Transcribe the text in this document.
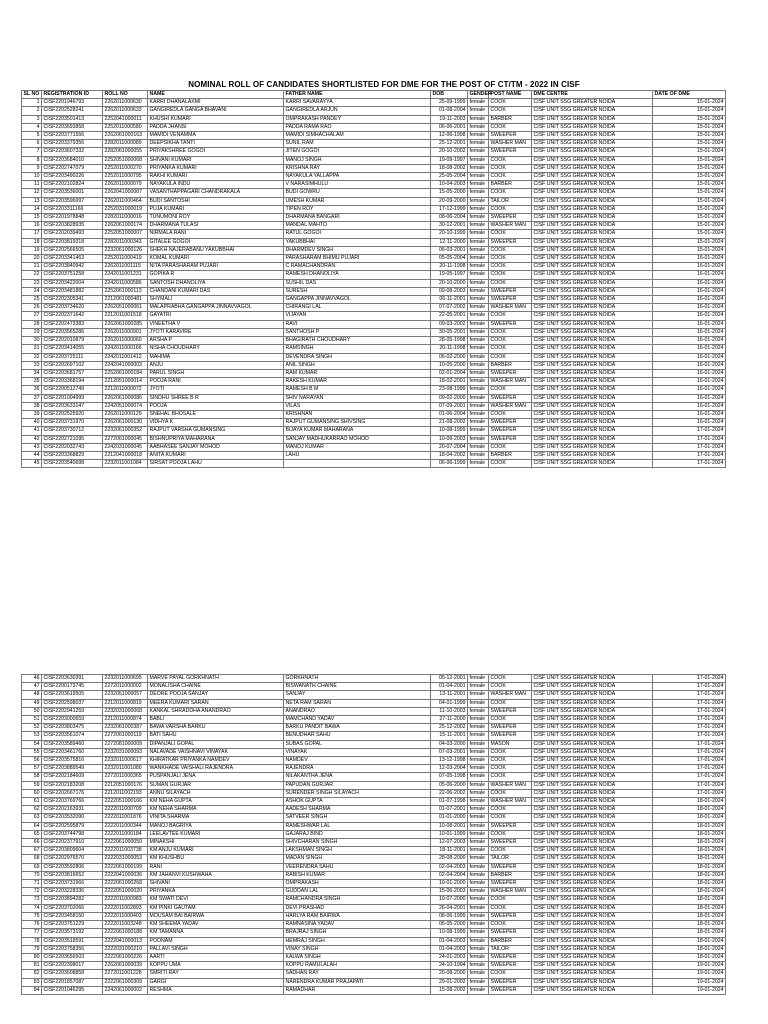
NOMINAL ROLL OF CANDIDATES SHORTLISTED FOR DME FOR THE POST OF CT/TM - 2022 IN CISF
SL NO	REGISTRATION ID	ROLL NO	NAME	FATHER NAME	DOB	GENDER	POST NAME	DME CENTRE	DATE OF DME
1	CISF2201946793	2262011000630	KARRI DHANALAXMI	KARRI SAVARAYYA	25-09-1999	female	COOK	CISF UNIT SSG GREATER NOIDA	15-01-2024
2	CISF2202528241	2262011000633	GANGIREDLA GANGA BHAVANI	GANGIREDLA ARJUN	01-08-2004	female	COOK	CISF UNIT SSG GREATER NOIDA	15-01-2024
3	CISF2203501413	2252041000011	KHUSHI KUMARI	OMPRAKASH PANDEY	19-11-2003	female	BARBER	CISF UNIT SSG GREATER NOIDA	15-01-2024
4	CISF2203693858	2252011000580	PADDA JHANSI	PADDA RAMA RAO	06-06-2001	female	COOK	CISF UNIT SSG GREATER NOIDA	15-01-2024
5	CISF2203771556	2262061000163	MAMIDI VENAMMA	MAMIDI SIMHACHALAM	12-06-1998	female	SWEEPER	CISF UNIT SSG GREATER NOIDA	15-01-2024
6	CISF2203379356	2282011000089	DEEPSIKHA TANTI	SUNIL RAM	25-12-2001	female	WASHER MAN	CISF UNIT SSG GREATER NOIDA	15-01-2024
7	CISF2203607332	2282061000055	PRIYAKSHREE GOGOI	JITEN GOGOI	20-10-2002	female	SWEEPER	CISF UNIT SSG GREATER NOIDA	15-01-2024
8	CISF2203684010	2252051000068	SHIVANI KUMARI	MANOJ SINGH	19-09-1997	female	COOK	CISF UNIT SSG GREATER NOIDA	15-01-2024
9	CISF2202747079	2252011000270	PRIYANKA KUMARI	KRISHNA RAY	18-08-2002	female	COOK	CISF UNIT SSG GREATER NOIDA	15-01-2024
10	CISF2203490226	2252011000795	RAKHI KUMARI	NAYAKULA YALLAPPA	25-05-2004	female	COOK	CISF UNIT SSG GREATER NOIDA	15-01-2024
11	CISF2202102824	2262011000079	NAYAKULA INDU	V NARASIMHULU	10-04-2003	female	BARBER	CISF UNIT SSG GREATER NOIDA	15-01-2024
12	CISF2203536001	2262041000007	VASANTHAPPAGARI CHANDRAKALA	BUDI GOWRU	15-05-2000	female	COOK	CISF UNIT SSG GREATER NOIDA	15-01-2024
13	CISF2203596997	2262011000464	BUDI SANTOSHI	UMESH KUMAR	20-09-2000	female	TAILOR	CISF UNIT SSG GREATER NOIDA	15-01-2024
14	CISF2203311166	2252031000019	PUJA KUMARI	TIPEN ROY	17-12-1999	female	COOK	CISF UNIT SSG GREATER NOIDA	15-01-2024
15	CISF2201978848	2282011000016	TUNUMONI ROY	DHARMANA BANGARI	08-06-2004	female	SWEEPER	CISF UNIT SSG GREATER NOIDA	15-01-2024
16	CISF2203828935	2262061000174	DHARMANA TULASI	MANDAL MAHTO	30-12-2001	female	WASHER MAN	CISF UNIT SSG GREATER NOIDA	15-01-2024
17	CISF2202039493	2252051000007	NIRMALA RANI	RATUL GOGOI	20-10-1999	female	COOK	CISF UNIT SSG GREATER NOIDA	15-01-2024
18	CISF2203819318	2282011000343	GITALEE GOGOI	YAKUBBHAI	12-11-2000	female	SWEEPER	CISF UNIT SSG GREATER NOIDA	15-01-2024
19	CISF2202566505	2232061000126	SHEKH NAJERABANU YAKUBBHAI	DHARMDEV SINGH	06-03-2001	female	COOK	CISF UNIT SSG GREATER NOIDA	15-01-2024
20	CISF2203341463	2252011000419	KOMAL KUMARI	PARASHARAM BHIMU PUJARI	05-05-2004	female	COOK	CISF UNIT SSG GREATER NOIDA	16-01-2024
21	CISF2203840942	2262011001115	NITA PARASHARAM PUJARI	C RAMACHANDRAN	20-11-1998	female	COOK	CISF UNIT SSG GREATER NOIDA	16-01-2024
22	CISF2203751258	2242011001231	GOPIKA R	RAMESH DHANOLIYA	19-05-1997	female	COOK	CISF UNIT SSG GREATER NOIDA	16-01-2024
23	CISF2203422004	2242011000586	SANTOSH DHANOLIYA	SUSHIL DAS	20-10-2000	female	COOK	CISF UNIT SSG GREATER NOIDA	16-01-2024
24	CISF2203481882	2252061000113	CHANDANI KUMARI DAS	SURESH	09-08-2003	female	SWEEPER	CISF UNIT SSG GREATER NOIDA	16-01-2024
25	CISF2202305341	2212061000481	SHYMALI	GANGAPPA JINNAVVAGOL	06-11-2001	female	SWEEPER	CISF UNIT SSG GREATER NOIDA	16-01-2024
26	CISF2203734620	2262051000061	MALAPRABHA GANGAPPA JINNAVVAGOL	CHIRANGI LAL	07-07-2002	female	WASHER MAN	CISF UNIT SSG GREATER NOIDA	16-01-2024
27	CISF2202371642	2212011001518	GAYATRI	VIJAYAN	22-05-2001	female	COOK	CISF UNIT SSG GREATER NOIDA	16-01-2024
28	CISF2202473383	2262061000285	VINEETHA V	RAVI	09-03-2002	female	SWEEPER	CISF UNIT SSG GREATER NOIDA	16-01-2024
29	CISF2203565286	2262011000901	JYOTI KARAVIRE	SANTHOSH P	30-05-2001	female	COOK	CISF UNIT SSG GREATER NOIDA	16-01-2024
30	CISF2202010879	2262011000060	ARSHA P	BHAGIRATH CHOUDHARY	28-05-1998	female	COOK	CISF UNIT SSG GREATER NOIDA	16-01-2024
31	CISF2203414055	2242011000166	NISHA CHOUDHARY	RAMSINGH	20-11-1998	female	COOK	CISF UNIT SSG GREATER NOIDA	16-01-2024
32	CISF2203725111	2242011001412	MAHIMA	DEVENDRA SINGH	06-02-2000	female	COOK	CISF UNIT SSG GREATER NOIDA	16-01-2024
33	CISF2202697102	2242041000003	ANJU	ANIL SINGH	10-05-2000	female	BARBER	CISF UNIT SSG GREATER NOIDA	16-01-2024
34	CISF2203681757	2252061000184	PARUL SINGH	RAM KUMAR	02-01-2004	female	SWEEPER	CISF UNIT SSG GREATER NOIDA	16-01-2024
35	CISF2203368194	2212051000014	POOJA RANI	RAKESH KUMAR	18-02-2001	female	WASHER MAN	CISF UNIT SSG GREATER NOIDA	16-01-2024
36	CISF2200512749	2212011000072	JYOTI	RAMESH B M	23-08-1999	female	COOK	CISF UNIT SSG GREATER NOIDA	16-01-2024
37	CISF2201004999	2262061000086	SINDHU SHREE B R	SHIV NARAYAN	09-02-2000	female	SWEEPER	CISF UNIT SSG GREATER NOIDA	16-01-2024
38	CISF2203633147	2242051000074	POOJA	VILAS	07-09-2001	female	WASHER MAN	CISF UNIT SSG GREATER NOIDA	16-01-2024
39	CISF2202525920	2262011000129	SNEHAL BHOSALE	KRISHNAN	01-06-2004	female	COOK	CISF UNIT SSG GREATER NOIDA	16-01-2024
40	CISF2203731970	2262061000130	VIDHYA K	RAJPUT GUMANSING SHIVSING	21-08-2002	female	SWEEPER	CISF UNIT SSG GREATER NOIDA	16-01-2024
41	CISF2203730712	2232061000352	RAJPUT VARSHA GUMANSING	BIJAYA KUMAR MAHARANA	10-08-1999	female	SWEEPER	CISF UNIT SSG GREATER NOIDA	17-01-2024
42	CISF2202721095	2272061000045	BISHNUPRIYA MAHARANA	SANJAY MADHUKARRAO MOHOD	10-09-2003	female	SWEEPER	CISF UNIT SSG GREATER NOIDA	17-01-2024
43	CISF2202032743	2242031000045	AABHASEE SANJAY MOHOD	MANOJ KUMAR	20-07-2004	female	COOK	CISF UNIT SSG GREATER NOIDA	17-01-2024
44	CISF2203368829	2212041000018	ANITA KUMARI	LAHU	18-04-2002	female	BARBER	CISF UNIT SSG GREATER NOIDA	17-01-2024
45	CISF2203540698	2232011001084	SIRSAT POOJA LAHU		06-06-1999	female	COOK	CISF UNIT SSG GREATER NOIDA	17-01-2024
46	CISF2203630391	2232011000695	MARVE PAYAL GORKHNATH	GORKHNATH	05-12-2001	female	COOK	CISF UNIT SSG GREATER NOIDA	17-01-2024
47	CISF2200173745	2272011000002	MONALISHA CHAINE	BISWANATH CHAINE	01-04-2001	female	COOK	CISF UNIT SSG GREATER NOIDA	17-01-2024
48	CISF2203619505	2232051000057	DEORE POOJA SANJAY	SANJAY	13-11-2001	female	WASHER MAN	CISF UNIT SSG GREATER NOIDA	17-01-2024
49	CISF2202598037	2212011000819	MEERA KUMARI SARAN	NETA RAM SARAN	04-01-1999	female	COOK	CISF UNIT SSG GREATER NOIDA	17-01-2024
50	CISF2202941259	2232031000068	KANKAL SHRADDHA ANANDRAO	ANANDRAO	11-10-2003	female	SWEEPER	CISF UNIT SSG GREATER NOIDA	17-01-2024
51	CISF2203000659	2212011000874	BABLI	MAMCHAND YADAV	27-11-2000	female	COOK	CISF UNIT SSG GREATER NOIDA	17-01-2024
52	CISF2203803475	2232061000387	BAWA VARSHA BARKU	BARKU PANDIT BAWA	25-12-2002	female	SWEEPER	CISF UNIT SSG GREATER NOIDA	17-01-2024
53	CISF2203561074	2272061000119	BATI SAHU	BENUDHAR SAHU	15-11-2001	female	SWEEPER	CISF UNIT SSG GREATER NOIDA	17-01-2024
54	CISF2203589460	2272081000009	DIPANJALI GOPAL	SUBAS GOPAL	04-03-2000	female	MASON	CISF UNIT SSG GREATER NOIDA	17-01-2024
55	CISF2203461760	2232031000093	NALAVADE VAISHNAVI VINAYAK	VINAYAK	07-03-2001	female	COOK	CISF UNIT SSG GREATER NOIDA	17-01-2024
56	CISF2203575816	2232011000617	KHIRATKAR PRIYANKA NAMDEV	NAMDEV	13-12-1998	female	COOK	CISF UNIT SSG GREATER NOIDA	17-01-2024
57	CISF2203889549	2232011001080	WANKHADE VAISHALI RAJENDRA	RAJENDRA	12-03-2004	female	COOK	CISF UNIT SSG GREATER NOIDA	17-01-2024
58	CISF2202184609	2272011000365	PUSPANJALI JENA	NILAKANTHA JENA	07-05-1998	female	COOK	CISF UNIT SSG GREATER NOIDA	17-01-2024
59	CISF2202183208	2212051000176	SUMAN GURJAR	PAPUDAN GURJAR	05-06-2000	female	WASHER MAN	CISF UNIT SSG GREATER NOIDA	17-01-2024
60	CISF2202667176	2212011002193	ANNU SILAYACH	SURENDER SINGH SILAYACH	22-06-2002	female	COOK	CISF UNIT SSG GREATER NOIDA	17-01-2024
61	CISF2203769766	2222051000166	KM NEHA GUPTA	ASHOK GUPTA	01-07-1998	female	WASHER MAN	CISF UNIT SSG GREATER NOIDA	18-01-2024
62	CISF2202163931	2222011000709	KM NEHA SHARMA	AADESH SHARMA	01-07-2001	female	COOK	CISF UNIT SSG GREATER NOIDA	18-01-2024
63	CISF2203532090	2222011001876	VINITA SHARMA	SATVEER SINGH	01-01-2000	female	COOK	CISF UNIT SSG GREATER NOIDA	18-01-2024
64	CISF2202595879	2222011000344	MANOJ BAGRIYA	RAMESHWAR LAL	10-08-2001	female	SWEEPER	CISF UNIT SSG GREATER NOIDA	18-01-2024
65	CISF2203744798	2222011000184	LEELAVTEE KUMARI	GAJARAJ BIND	10-01-1999	female	COOK	CISF UNIT SSG GREATER NOIDA	18-01-2024
66	CISF2202377910	2222061000050	MINAKSHI	SHIVCHARAN SINGH	12-07-2003	female	SWEEPER	CISF UNIT SSG GREATER NOIDA	18-01-2024
67	CISF2203809604	2222011003738	KM ANJU KUMARI	LAKSHMAN SINGH	18-11-2001	female	COOK	CISF UNIT SSG GREATER NOIDA	18-01-2024
68	CISF2202976570	2222031000053	KM KHUSHBU	MADAN SINGH	28-08-2000	female	TAILOR	CISF UNIT SSG GREATER NOIDA	18-01-2024
69	CISF2203592806	2222061000199	RANI	VEERENDRA SAHU	02-04-2003	female	SWEEPER	CISF UNIT SSG GREATER NOIDA	18-01-2024
70	CISF2203816652	2222041000036	KM JAHANVI KUSHWAHA	RABISH KUMAR	02-04-2004	female	BARBER	CISF UNIT SSG GREATER NOIDA	18-01-2024
71	CISF2203731966	2222061000268	SHIVANI	OMPRAKASH	10-01-2000	female	SWEEPER	CISF UNIT SSG GREATER NOIDA	18-01-2024
72	CISF2203228336	2222051000020	PRIYANKA	GUDDAN LAL	15-06-2003	female	WASHER MAN	CISF UNIT SSG GREATER NOIDA	18-01-2024
73	CISF2203894282	2222011000983	KM SWATI DEVI	RAMCHANDRA SINGH	10-07-2000	female	COOK	CISF UNIT SSG GREATER NOIDA	18-01-2024
74	CISF2203702066	2222011002893	KM PINKI GAUTAM	DEVI PRASHAD	26-04-2001	female	COOK	CISF UNIT SSG GREATER NOIDA	18-01-2024
75	CISF2203458150	2222011000403	MOUSAM BAI BAIRWA	HARLYA RAM BAIRWA	08-06-1999	female	SWEEPER	CISF UNIT SSG GREATER NOIDA	18-01-2024
76	CISF2203751229	2222011003248	KM SHEEMA YADAV	RAMNASINA YADAV	06-05-2000	female	COOK	CISF UNIT SSG GREATER NOIDA	18-01-2024
77	CISF2203573192	2222061000188	KM TAMANNA	BRAJRAJ SINGH	10-08-1999	female	SWEEPER	CISF UNIT SSG GREATER NOIDA	18-01-2024
78	CISF2203518591	2222041000013	POONAM	HEMRAJ SINGH	01-04-2003	female	BARBER	CISF UNIT SSG GREATER NOIDA	18-01-2024
79	CISF2203758356	2222031000210	PALLAVI SINGH	VINAY SINGH	01-04-2003	female	TAILOR	CISF UNIT SSG GREATER NOIDA	18-01-2024
80	CISF2203656503	2222061000226	AARTI	KALWA SINGH	24-01-2003	female	SWEEPER	CISF UNIT SSG GREATER NOIDA	18-01-2024
81	CISF2202398017	2262061000039	KOPPU UMA	KOPPU RAMULALAH	24-10-1994	female	SWEEPER	CISF UNIT SSG GREATER NOIDA	19-01-2024
82	CISF2203608858	2272011001228	SMRITI RAY	SADHAN RAY	20-08-2000	female	COOK	CISF UNIT SSG GREATER NOIDA	19-01-2024
83	CISF2201857087	2222061000309	GARGI	NARENDRA KUMAR PRAJAPATI	29-01-2002	female	SWEEPER	CISF UNIT SSG GREATER NOIDA	19-01-2024
84	CISF2201046295	2242061000002	RESHMA	RAMADHAR	15-08-2002	female	SWEEPER	CISF UNIT SSG GREATER NOIDA	19-01-2024
